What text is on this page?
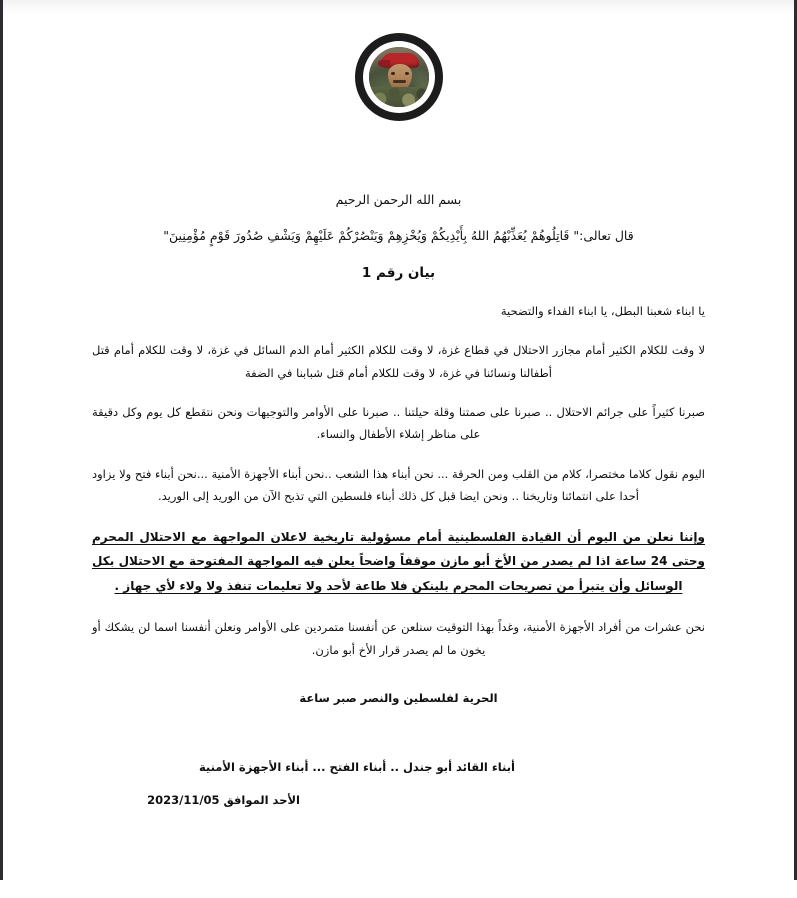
بسم الله الرحمن الرحيم

قال تعالى:" قَاتِلُوهُمْ يُعَذِّبْهُمُ اللهُ بِأَيْدِيكُمْ وَيُخْزِهِمْ وَيَنْصُرْكُمْ عَلَيْهِمْ وَيَشْفِ صُدُورَ قَوْمٍ مُؤْمِنِينَ"

بيان رقم 1

يا ابناء شعبنا البطل، يا ابناء الفداء والتضحية

لا وقت للكلام الكثير أمام مجازر الاحتلال في قطاع غزة، لا وقت للكلام الكثير أمام الدم السائل في غزة، لا وقت للكلام أمام قتل أطفالنا ونسائنا في غزة، لا وقت للكلام أمام قتل شبابنا في الضفة

صبرنا كثيراً على جرائم الاحتلال .. صبرنا على صمتنا وقلة حيلتنا .. صبرنا على الأوامر والتوجيهات ونحن نتقطع كل يوم وكل دقيقة على مناظر إشلاء الأطفال والنساء.

اليوم نقول كلاما مختصرا، كلام من القلب ومن الحرقة ... نحن أبناء هذا الشعب ..نحن أبناء الأجهزة الأمنية ...نحن أبناء فتح ولا يزاود أحدا على انتمائنا وتاريخنا .. ونحن ايضا قبل كل ذلك أبناء فلسطين التي تذبح الآن من الوريد إلى الوريد.

وإننا نعلن من اليوم أن القيادة الفلسطينية أمام مسؤولية تاريخية لاعلان المواجهة مع الاحتلال المحرم وحتى 24 ساعة اذا لم يصدر من الأخ أبو مازن موقفاً واضحاً يعلن فيه المواجهة المفتوحة مع الاحتلال بكل الوسائل وأن يتبرأ من تصريحات المحرم بلينكن فلا طاعة لأحد ولا تعليمات تنفذ ولا ولاء لأي جهاز .

نحن عشرات من أفراد الأجهزة الأمنية، وغداً بهذا التوقيت سنلعن عن أنفسنا متمردين على الأوامر ونعلن أنفسنا اسما لن يشكك أو يخون ما لم يصدر قرار الأخ أبو مازن.

الحرية لفلسطين والنصر صبر ساعة

أبناء القائد أبو جندل .. أبناء الفتح ... أبناء الأجهزة الأمنية

الأحد الموافق 2023/11/05
